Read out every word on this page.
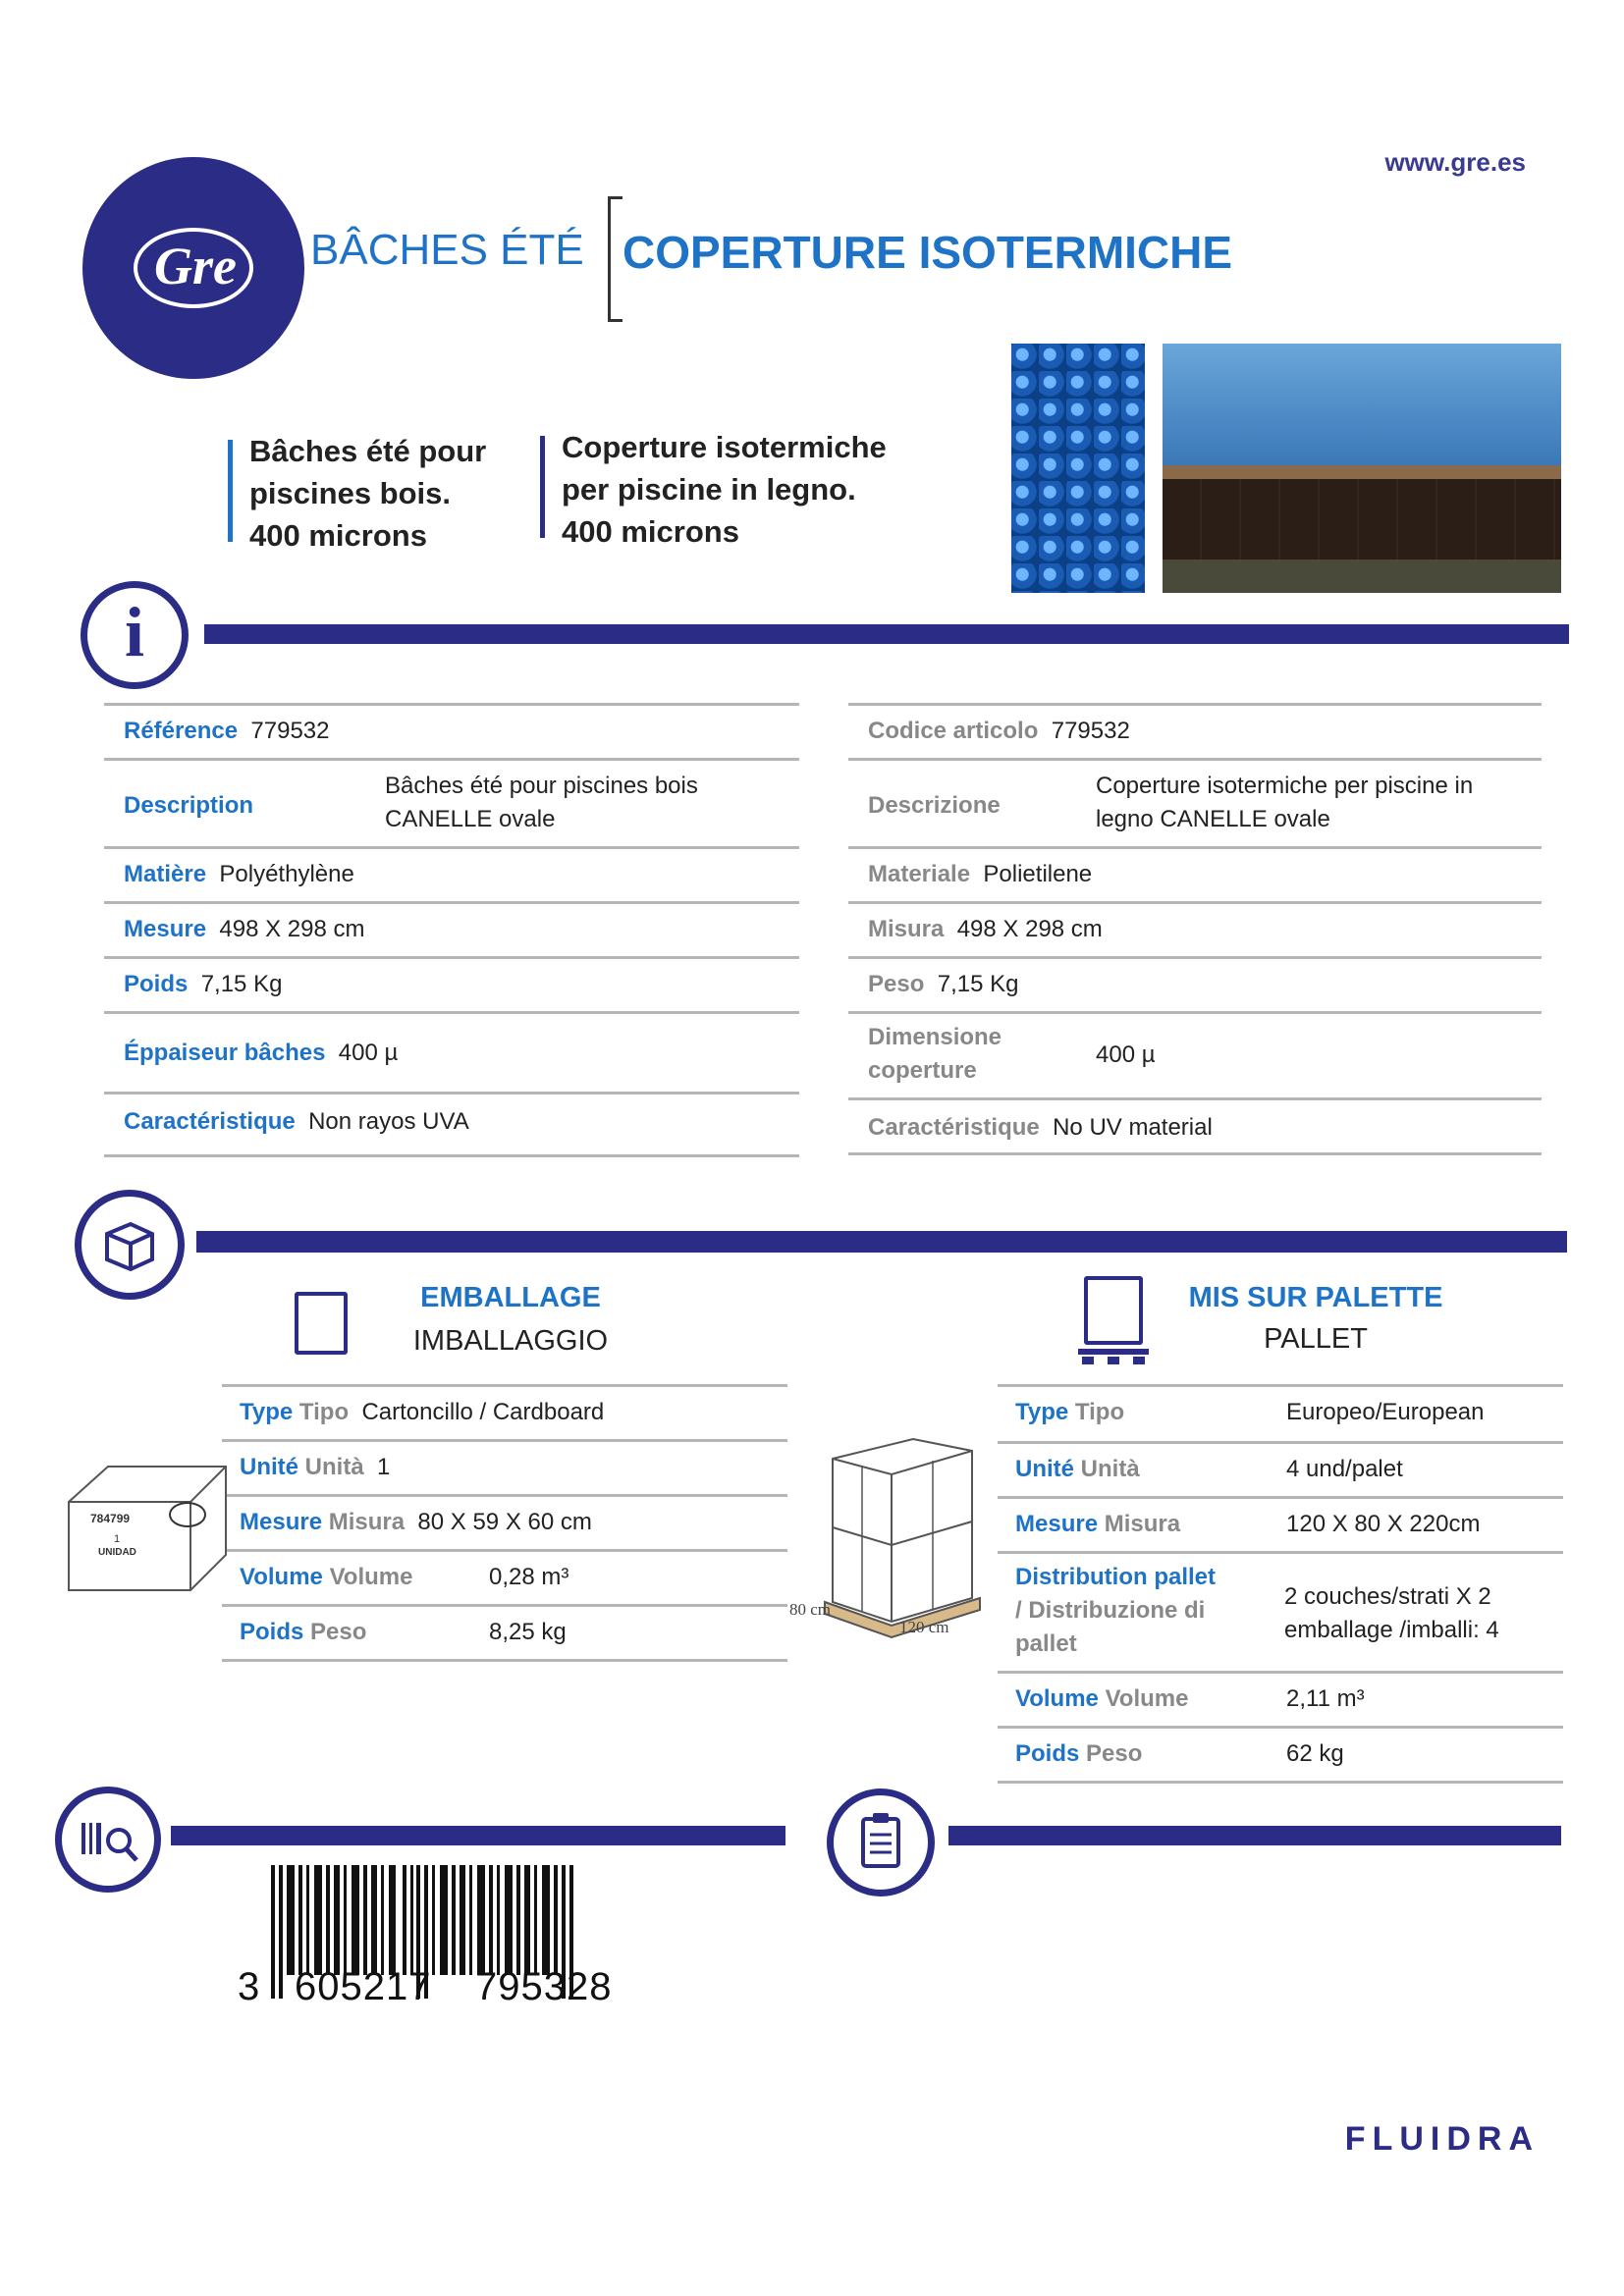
www.gre.es
Gre BÂCHES ÉTÉ COPERTURE ISOTERMICHE
Bâches été pour
piscines bois.
400 microns
Coperture isotermiche
per piscine in legno.
400 microns
i
Référence 779532
Description
Bâches été pour piscines bois
CANELLE ovale
Matière Polyéthylène
Mesure 498 X 298 cm
Poids 7,15 Kg
Éppaiseur bâches 400 µ
Caractéristique Non rayos UVA
Codice articolo 779532
Descrizione
Coperture isotermiche per piscine in
legno CANELLE ovale
Materiale Polietilene
Misura 498 X 298 cm
Peso 7,15 Kg
Dimensione
coperture
400 µ
Caractéristique No UV material
EMBALLAGE
IMBALLAGGIO
Type Tipo Cartoncillo / Cardboard
Unité Unità 1
Mesure Misura 80 X 59 X 60 cm
Volume Volume	0,28 m³
Poids Peso	8,25 kg
784799
1
UNIDAD
80 cm
120 cm
MIS SUR PALETTE
PALLET
Type Tipo	Europeo/European
Unité Unità	4 und/palet
Mesure Misura	120 X 80 X 220cm
Distribution pallet
/ Distribuzione di
pallet
2 couches/strati X 2
emballage /imballi: 4
Volume Volume	2,11 m³
Poids Peso	62 kg
3 605217 795328
FLUIDRA
